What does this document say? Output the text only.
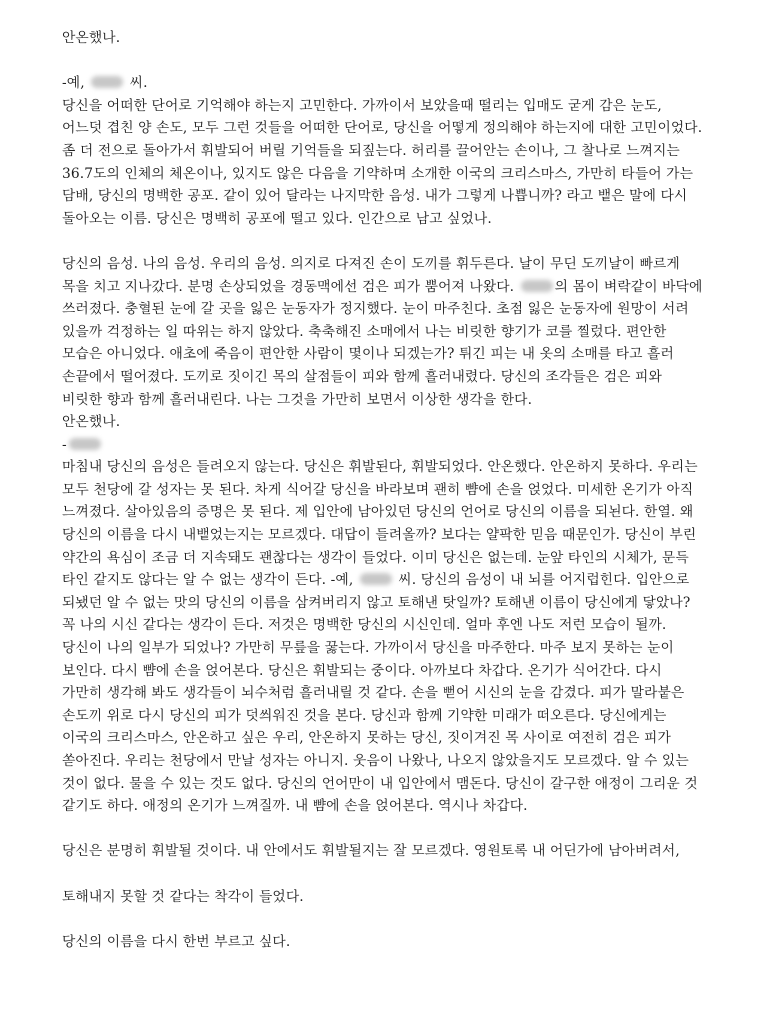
안온했나.

-예,	씨.
당신을 어떠한 단어로 기억해야 하는지 고민한다. 가까이서 보았을때 떨리는 입매도 굳게 감은 눈도,
어느덧 겹친 양 손도, 모두 그런 것들을 어떠한 단어로, 당신을 어떻게 정의해야 하는지에 대한 고민이었다.
좀 더 전으로 돌아가서 휘발되어 버릴 기억들을 되짚는다. 허리를 끌어안는 손이나, 그 찰나로 느껴지는
36.7도의 인체의 체온이나, 있지도 않은 다음을 기약하며 소개한 이국의 크리스마스, 가만히 타들어 가는
담배, 당신의 명백한 공포. 같이 있어 달라는 나지막한 음성. 내가 그렇게 나쁩니까? 라고 뱉은 말에 다시
돌아오는 이름. 당신은 명백히 공포에 떨고 있다. 인간으로 남고 싶었나.

당신의 음성. 나의 음성. 우리의 음성. 의지로 다져진 손이 도끼를 휘두른다. 날이 무딘 도끼날이 빠르게
목을 치고 지나갔다. 분명 손상되었을 경동맥에선 검은 피가 뿜어져 나왔다.	의 몸이 벼락같이 바닥에
쓰러졌다. 충혈된 눈에 갈 곳을 잃은 눈동자가 정지했다. 눈이 마주친다. 초점 잃은 눈동자에 원망이 서려
있을까 걱정하는 일 따위는 하지 않았다. 축축해진 소매에서 나는 비릿한 향기가 코를 찔렀다. 편안한
모습은 아니었다. 애초에 죽음이 편안한 사람이 몇이나 되겠는가? 튀긴 피는 내 옷의 소매를 타고 흘러
손끝에서 떨어졌다. 도끼로 짓이긴 목의 살점들이 피와 함께 흘러내렸다. 당신의 조각들은 검은 피와
비릿한 향과 함께 흘러내린다. 나는 그것을 가만히 보면서 이상한 생각을 한다.
안온했나.
-
마침내 당신의 음성은 들려오지 않는다. 당신은 휘발된다, 휘발되었다. 안온했다. 안온하지 못하다. 우리는
모두 천당에 갈 성자는 못 된다. 차게 식어갈 당신을 바라보며 괜히 뺨에 손을 얹었다. 미세한 온기가 아직
느껴졌다. 살아있음의 증명은 못 된다. 제 입안에 남아있던 당신의 언어로 당신의 이름을 되뇐다. 한열. 왜
당신의 이름을 다시 내뱉었는지는 모르겠다. 대답이 들려올까? 보다는 얄팍한 믿음 때문인가. 당신이 부린
약간의 욕심이 조금 더 지속돼도 괜찮다는 생각이 들었다. 이미 당신은 없는데. 눈앞 타인의 시체가, 문득
타인 같지도 않다는 알 수 없는 생각이 든다. -예,	씨. 당신의 음성이 내 뇌를 어지럽힌다. 입안으로
되뇄던 알 수 없는 맛의 당신의 이름을 삼켜버리지 않고 토해낸 탓일까? 토해낸 이름이 당신에게 닿았나?
꼭 나의 시신 같다는 생각이 든다. 저것은 명백한 당신의 시신인데. 얼마 후엔 나도 저런 모습이 될까.
당신이 나의 일부가 되었나? 가만히 무릎을 꿇는다. 가까이서 당신을 마주한다. 마주 보지 못하는 눈이
보인다. 다시 뺨에 손을 얹어본다. 당신은 휘발되는 중이다. 아까보다 차갑다. 온기가 식어간다. 다시
가만히 생각해 봐도 생각들이 뇌수처럼 흘러내릴 것 같다. 손을 뻗어 시신의 눈을 감겼다. 피가 말라붙은
손도끼 위로 다시 당신의 피가 덧씌워진 것을 본다. 당신과 함께 기약한 미래가 떠오른다. 당신에게는
이국의 크리스마스, 안온하고 싶은 우리, 안온하지 못하는 당신, 짓이겨진 목 사이로 여전히 검은 피가
쏟아진다. 우리는 천당에서 만날 성자는 아니지. 웃음이 나왔나, 나오지 않았을지도 모르겠다. 알 수 있는
것이 없다. 물을 수 있는 것도 없다. 당신의 언어만이 내 입안에서 맴돈다. 당신이 갈구한 애정이 그리운 것
같기도 하다. 애정의 온기가 느껴질까. 내 뺨에 손을 얹어본다. 역시나 차갑다.

당신은 분명히 휘발될 것이다. 내 안에서도 휘발될지는 잘 모르겠다. 영원토록 내 어딘가에 남아버려서,

토해내지 못할 것 같다는 착각이 들었다.

당신의 이름을 다시 한번 부르고 싶다.
